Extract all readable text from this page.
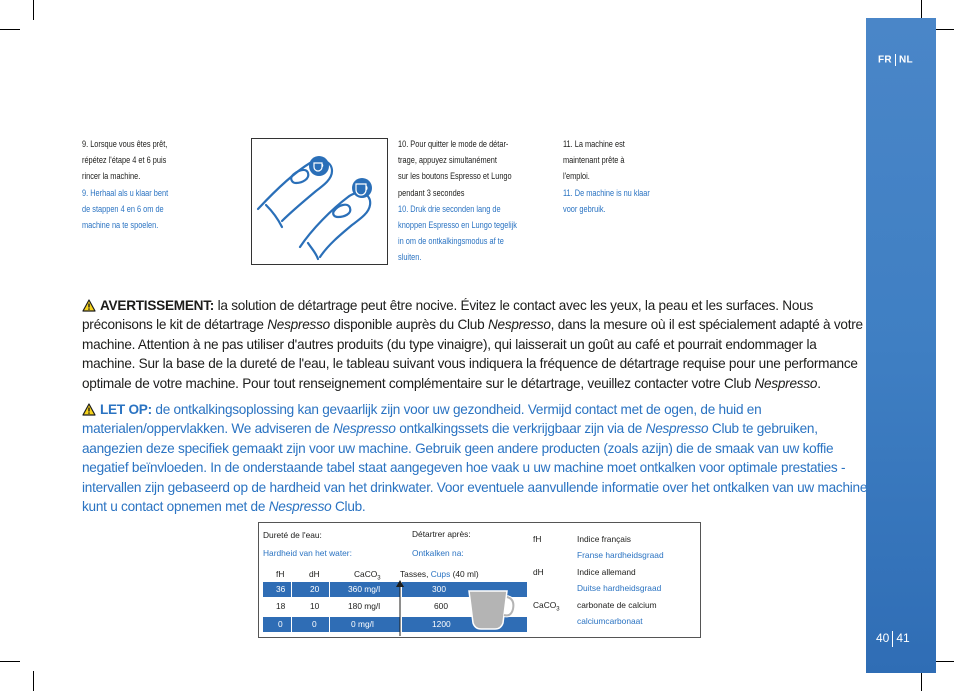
FR NL
40 41
9. Lorsque vous êtes prêt,
répétez l'étape 4 et 6 puis
rincer la machine.
9. Herhaal als u klaar bent
de stappen 4 en 6 om de
machine na te spoelen.
10. Pour quitter le mode de détar-
trage, appuyez simultanément
sur les boutons Espresso et Lungo
pendant 3 secondes
10. Druk drie seconden lang de
knoppen Espresso en Lungo tegelijk
in om de ontkalkingsmodus af te
sluiten.
11. La machine est
maintenant prête à
l'emploi.
11. De machine is nu klaar
voor gebruik.
AVERTISSEMENT: la solution de détartrage peut être nocive. Évitez le contact avec les yeux, la peau et les surfaces. Nous préconisons le kit de détartrage Nespresso disponible auprès du Club Nespresso, dans la mesure où il est spécialement adapté à votre machine. Attention à ne pas utiliser d'autres produits (du type vinaigre), qui laisserait un goût au café et pourrait endommager la machine. Sur la base de la dureté de l'eau, le tableau suivant vous indiquera la fréquence de détartrage requise pour une performance optimale de votre machine. Pour tout renseignement complémentaire sur le détartrage, veuillez contacter votre Club Nespresso.
LET OP: de ontkalkingsoplossing kan gevaarlijk zijn voor uw gezondheid. Vermijd contact met de ogen, de huid en materialen/oppervlakken. We adviseren de Nespresso ontkalkingssets die verkrijgbaar zijn via de Nespresso Club te gebruiken, aangezien deze specifiek gemaakt zijn voor uw machine. Gebruik geen andere producten (zoals azijn) die de smaak van uw koffie negatief beïnvloeden. In de onderstaande tabel staat aangegeven hoe vaak u uw machine moet ontkalken voor optimale prestaties - intervallen zijn gebaseerd op de hardheid van het drinkwater. Voor eventuele aanvullende informatie over het ontkalken van uw machine kunt u contact opnemen met de Nespresso Club.
Dureté de l'eau:
Hardheid van het water:
Détartrer après:
Ontkalken na:
fH	dH	CaCO$_3$ Tasses, Cups (40 ml)
36	20	360 mg/l	300
18	10	180 mg/l	600
0	0	0 mg/l	1200
fH	Indice français
Franse hardheidsgraad
dH	Indice allemand
Duitse hardheidsgraad
CaCO$_3$ carbonate de calcium
calciumcarbonaat
